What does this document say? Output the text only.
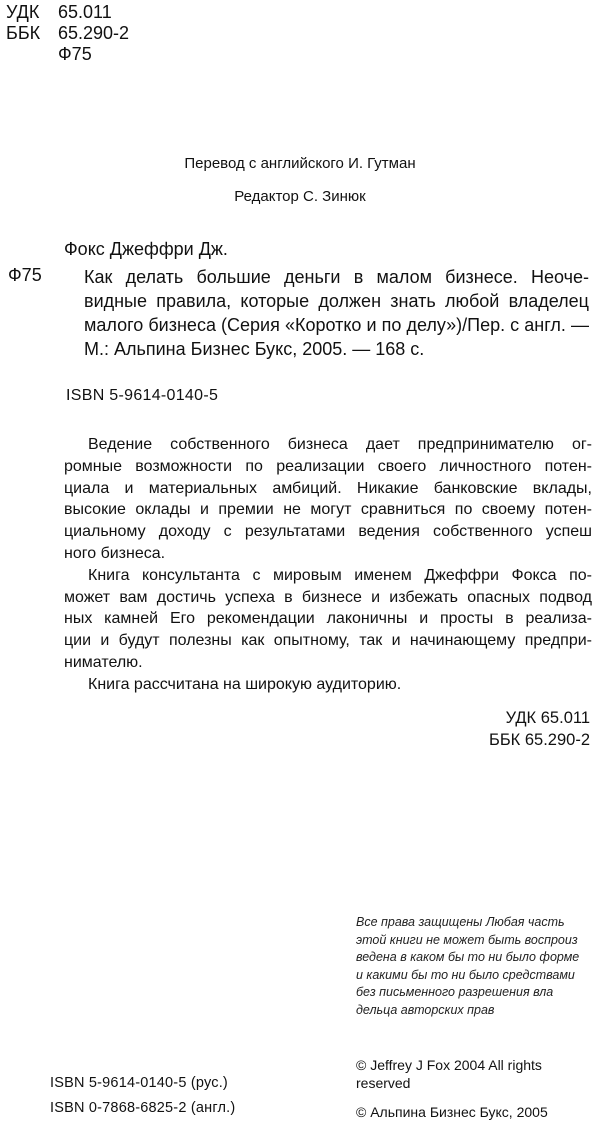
УДК 65.011
ББК 65.290-2
Ф75
Перевод с английского И. Гутман
Редактор С. Зинюк
Фокс Джеффри Дж.
Ф75 Как делать большие деньги в малом бизнесе. Неоче-
видные правила, которые должен знать любой владелец
малого бизнеса (Серия «Коротко и по делу»)/Пер. с англ. —
М.: Альпина Бизнес Букс, 2005. — 168 с.
ISBN 5-9614-0140-5
Ведение собственного бизнеса дает предпринимателю ог-
ромные возможности по реализации своего личностного потен-
циала и материальных амбиций. Никакие банковские вклады,
высокие оклады и премии не могут сравниться по своему потен-
циальному доходу с результатами ведения собственного успеш
ного бизнеса.
Книга консультанта с мировым именем Джеффри Фокса по-
может вам достичь успеха в бизнесе и избежать опасных подвод
ных камней Его рекомендации лаконичны и просты в реализа-
ции и будут полезны как опытному, так и начинающему предпри-
нимателю.
Книга рассчитана на широкую аудиторию.
УДК 65.011
ББК 65.290-2
Все права защищены Любая часть
этой книги не может быть воспроиз
ведена в каком бы то ни было форме
и какими бы то ни было средствами
без письменного разрешения вла
дельца авторских прав
© Jeffrey J Fox 2004 All rights
reserved
© Альпина Бизнес Букс, 2005
ISBN 5-9614-0140-5 (рус.)
ISBN 0-7868-6825-2 (англ.)
